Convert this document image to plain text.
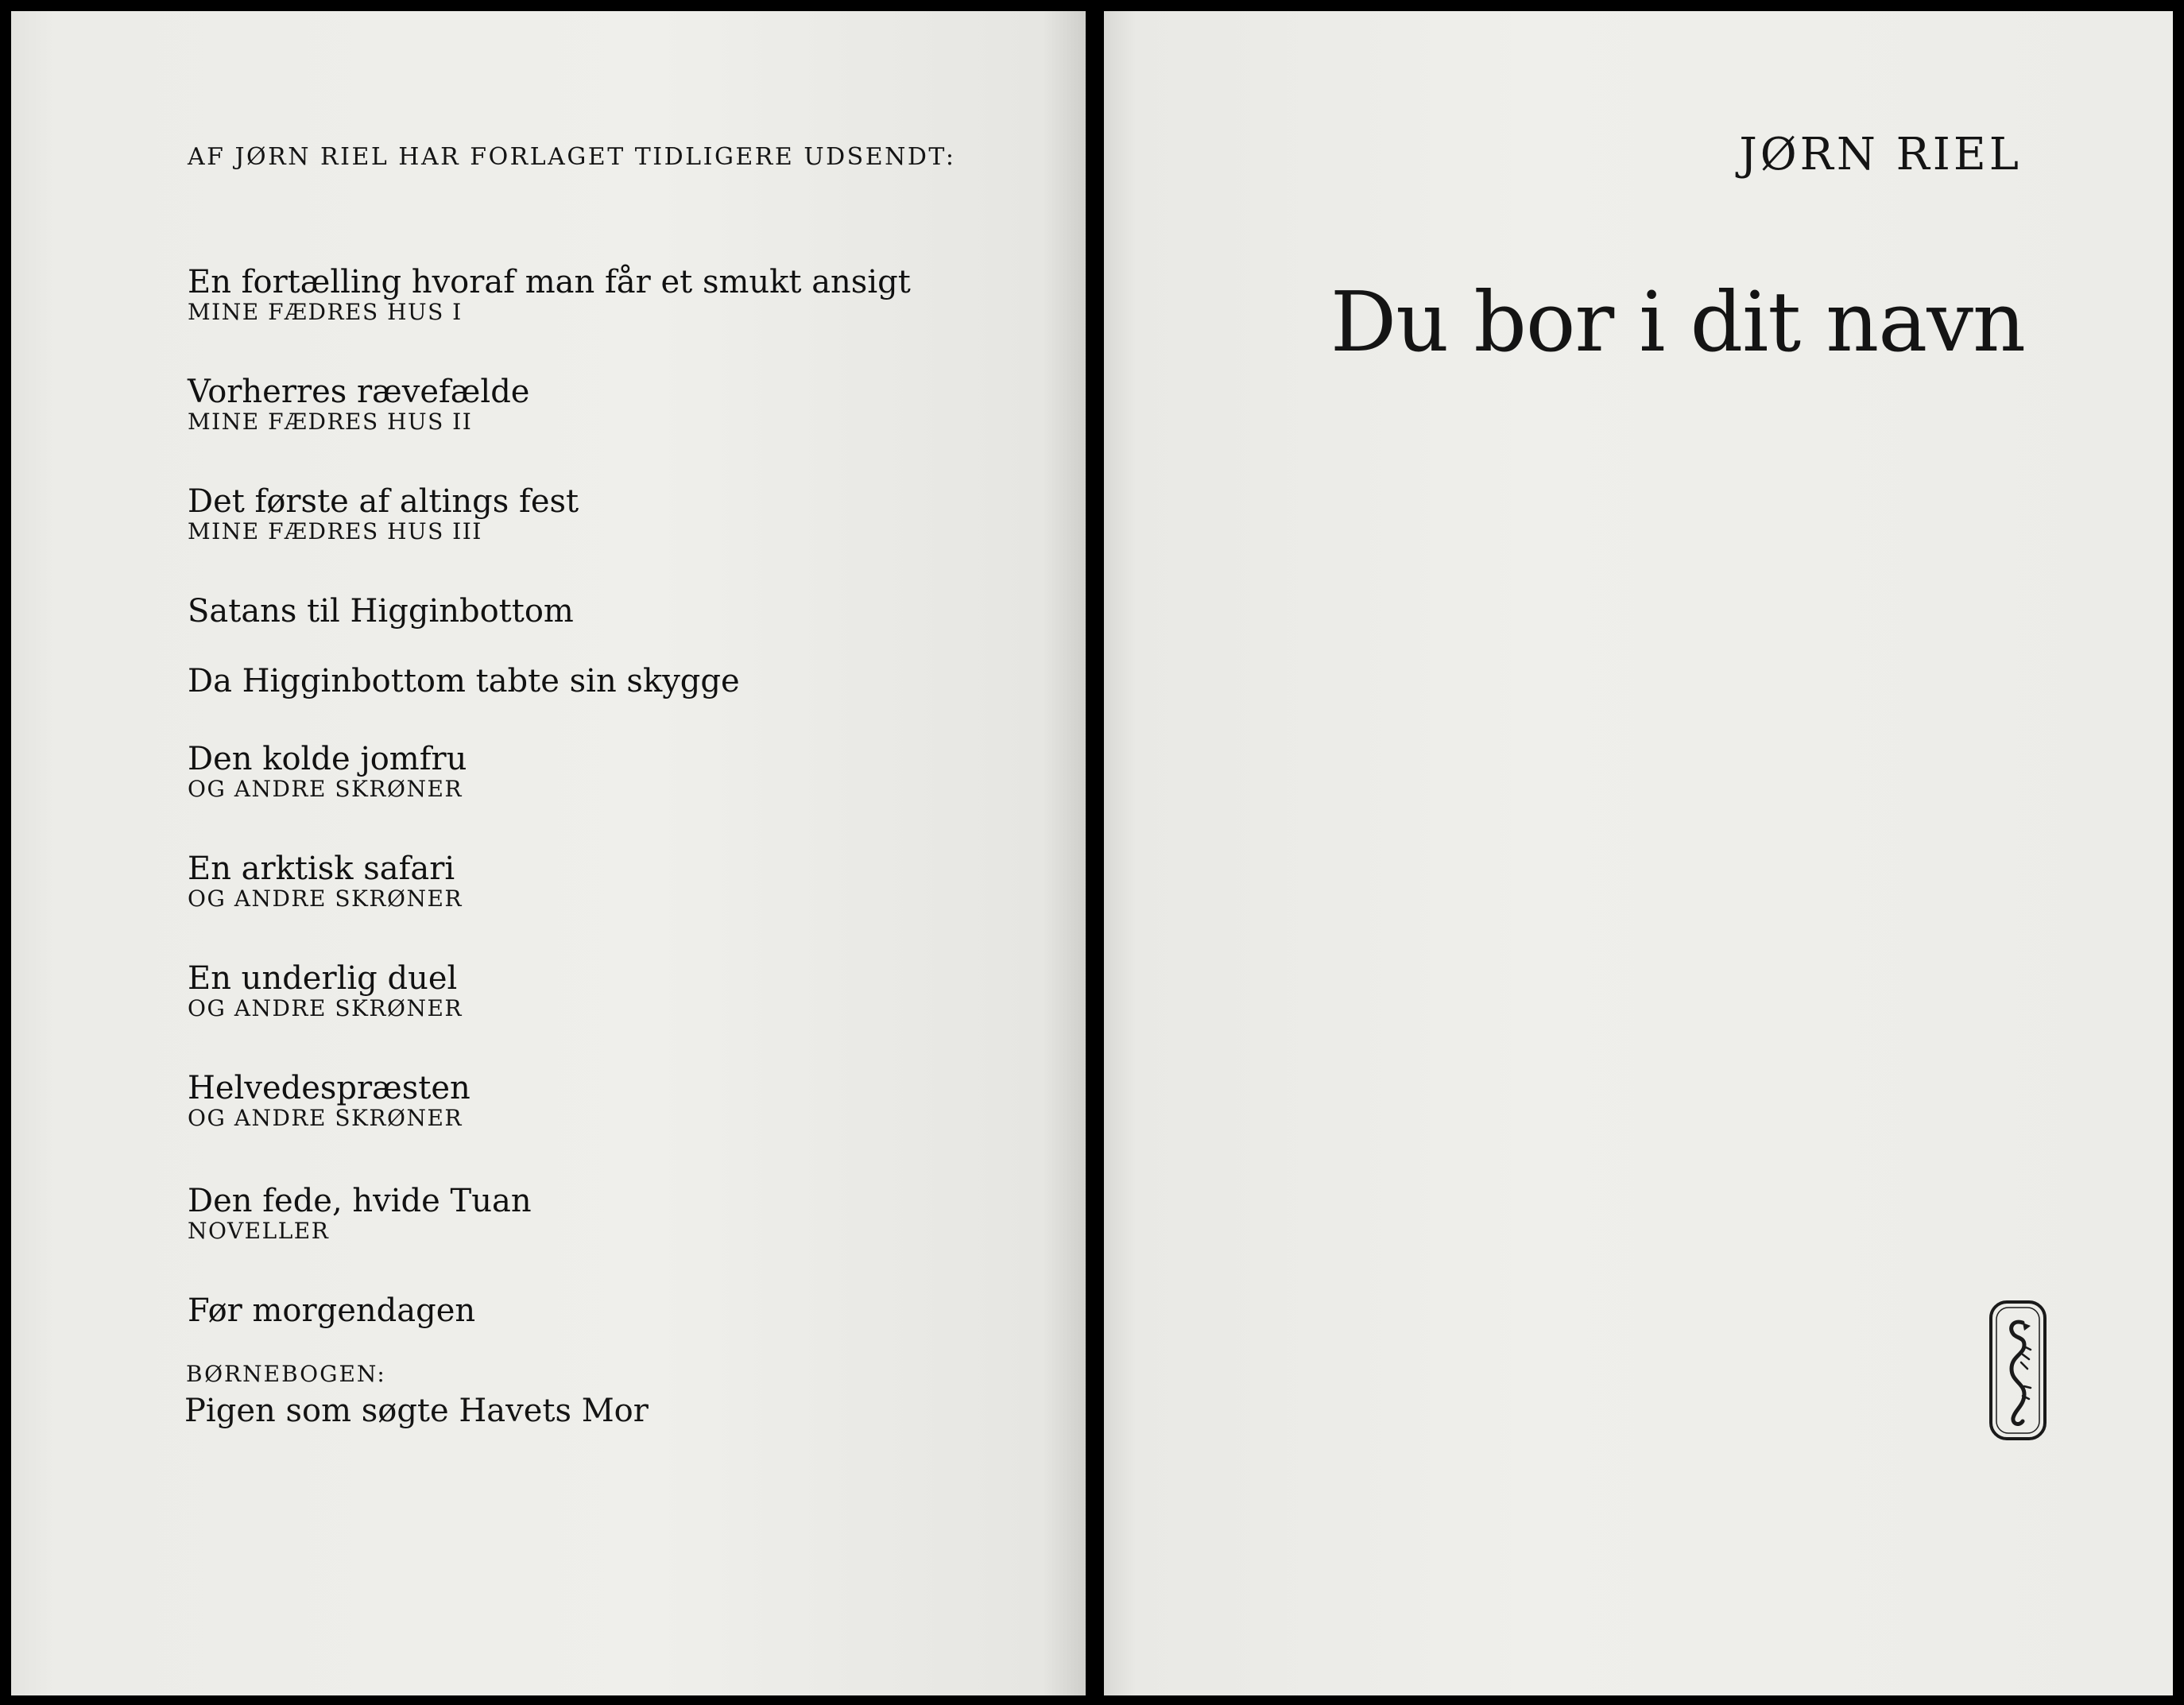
AF JØRN RIEL HAR FORLAGET TIDLIGERE UDSENDT:

En fortælling hvoraf man får et smukt ansigt
MINE FÆDRES HUS I
Vorherres rævefælde
MINE FÆDRES HUS II
Det første af altings fest
MINE FÆDRES HUS III
Satans til Higginbottom
Da Higginbottom tabte sin skygge
Den kolde jomfru
OG ANDRE SKRØNER
En arktisk safari
OG ANDRE SKRØNER
En underlig duel
OG ANDRE SKRØNER
Helvedespræsten
OG ANDRE SKRØNER
Den fede, hvide Tuan
NOVELLER
Før morgendagen

BØRNEBOGEN:

Pigen som søgte Havets Mor

JØRN RIEL

Du bor i dit navn
